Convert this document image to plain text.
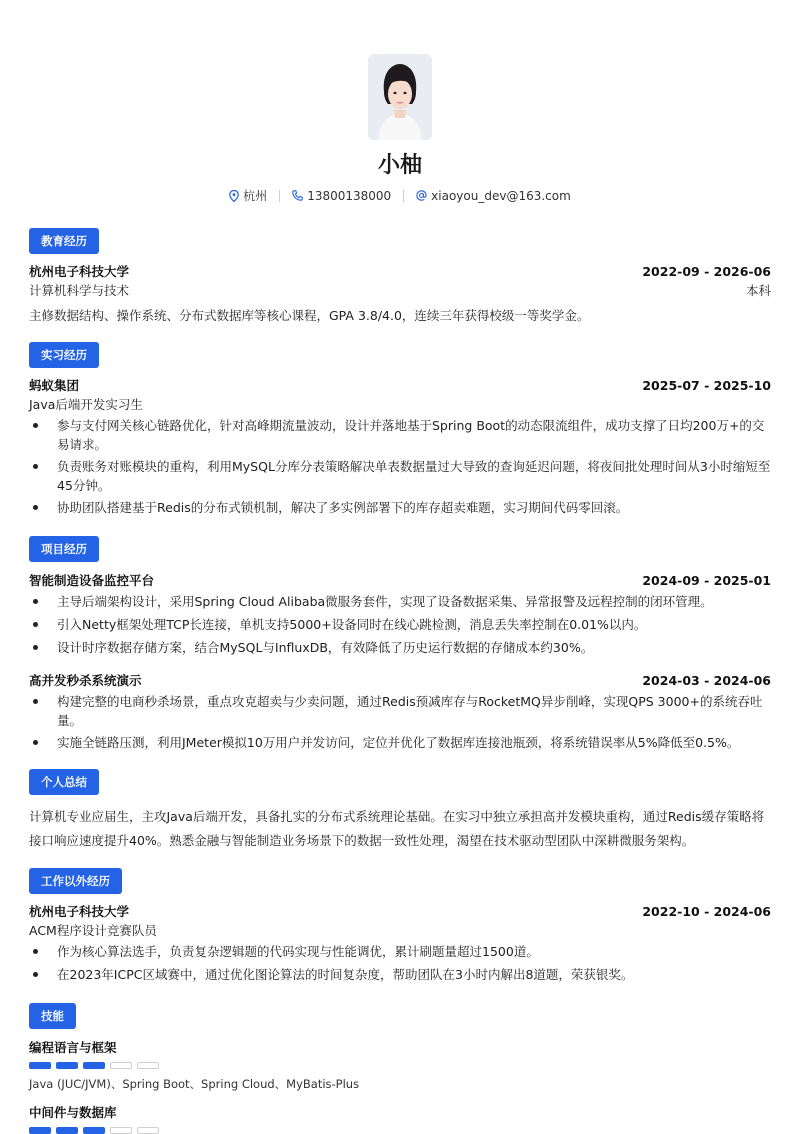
小柚
杭州	13800138000	xiaoyou_dev@163.com
教育经历
杭州电子科技大学	2022-09 - 2026-06
计算机科学与技术	本科
主修数据结构、操作系统、分布式数据库等核心课程，GPA 3.8/4.0，连续三年获得校级一等奖学金。
实习经历
蚂蚁集团	2025-07 - 2025-10
Java后端开发实习生
参与支付网关核心链路优化，针对高峰期流量波动，设计并落地基于Spring Boot的动态限流组件，成功支撑了日均200万+的交易请求。
负责账务对账模块的重构，利用MySQL分库分表策略解决单表数据量过大导致的查询延迟问题，将夜间批处理时间从3小时缩短至45分钟。
协助团队搭建基于Redis的分布式锁机制，解决了多实例部署下的库存超卖难题，实习期间代码零回滚。
项目经历
智能制造设备监控平台	2024-09 - 2025-01
主导后端架构设计，采用Spring Cloud Alibaba微服务套件，实现了设备数据采集、异常报警及远程控制的闭环管理。
引入Netty框架处理TCP长连接，单机支持5000+设备同时在线心跳检测，消息丢失率控制在0.01%以内。
设计时序数据存储方案，结合MySQL与InfluxDB，有效降低了历史运行数据的存储成本约30%。
高并发秒杀系统演示	2024-03 - 2024-06
构建完整的电商秒杀场景，重点攻克超卖与少卖问题，通过Redis预减库存与RocketMQ异步削峰，实现QPS 3000+的系统吞吐量。
实施全链路压测，利用JMeter模拟10万用户并发访问，定位并优化了数据库连接池瓶颈，将系统错误率从5%降低至0.5%。
个人总结
计算机专业应届生，主攻Java后端开发，具备扎实的分布式系统理论基础。在实习中独立承担高并发模块重构，通过Redis缓存策略将接口响应速度提升40%。熟悉金融与智能制造业务场景下的数据一致性处理，渴望在技术驱动型团队中深耕微服务架构。
工作以外经历
杭州电子科技大学	2022-10 - 2024-06
ACM程序设计竞赛队员
作为核心算法选手，负责复杂逻辑题的代码实现与性能调优，累计刷题量超过1500道。
在2023年ICPC区域赛中，通过优化图论算法的时间复杂度，帮助团队在3小时内解出8道题，荣获银奖。
技能
编程语言与框架
Java (JUC/JVM)、Spring Boot、Spring Cloud、MyBatis-Plus
中间件与数据库
